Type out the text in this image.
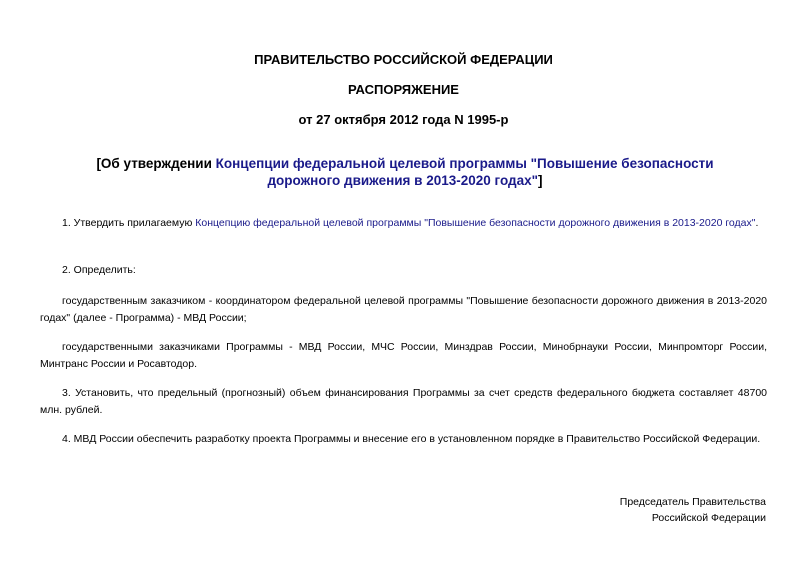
ПРАВИТЕЛЬСТВО РОССИЙСКОЙ ФЕДЕРАЦИИ
РАСПОРЯЖЕНИЕ
от 27 октября 2012 года N 1995-р
[Об утверждении Концепции федеральной целевой программы "Повышение безопасности дорожного движения в 2013-2020 годах"]
1. Утвердить прилагаемую Концепцию федеральной целевой программы "Повышение безопасности дорожного движения в 2013-2020 годах".
2. Определить:
государственным заказчиком - координатором федеральной целевой программы "Повышение безопасности дорожного движения в 2013-2020 годах" (далее - Программа) - МВД России;
государственными заказчиками Программы - МВД России, МЧС России, Минздрав России, Минобрнауки России, Минпромторг России, Минтранс России и Росавтодор.
3. Установить, что предельный (прогнозный) объем финансирования Программы за счет средств федерального бюджета составляет 48700 млн. рублей.
4. МВД России обеспечить разработку проекта Программы и внесение его в установленном порядке в Правительство Российской Федерации.
Председатель Правительства
Российской Федерации
